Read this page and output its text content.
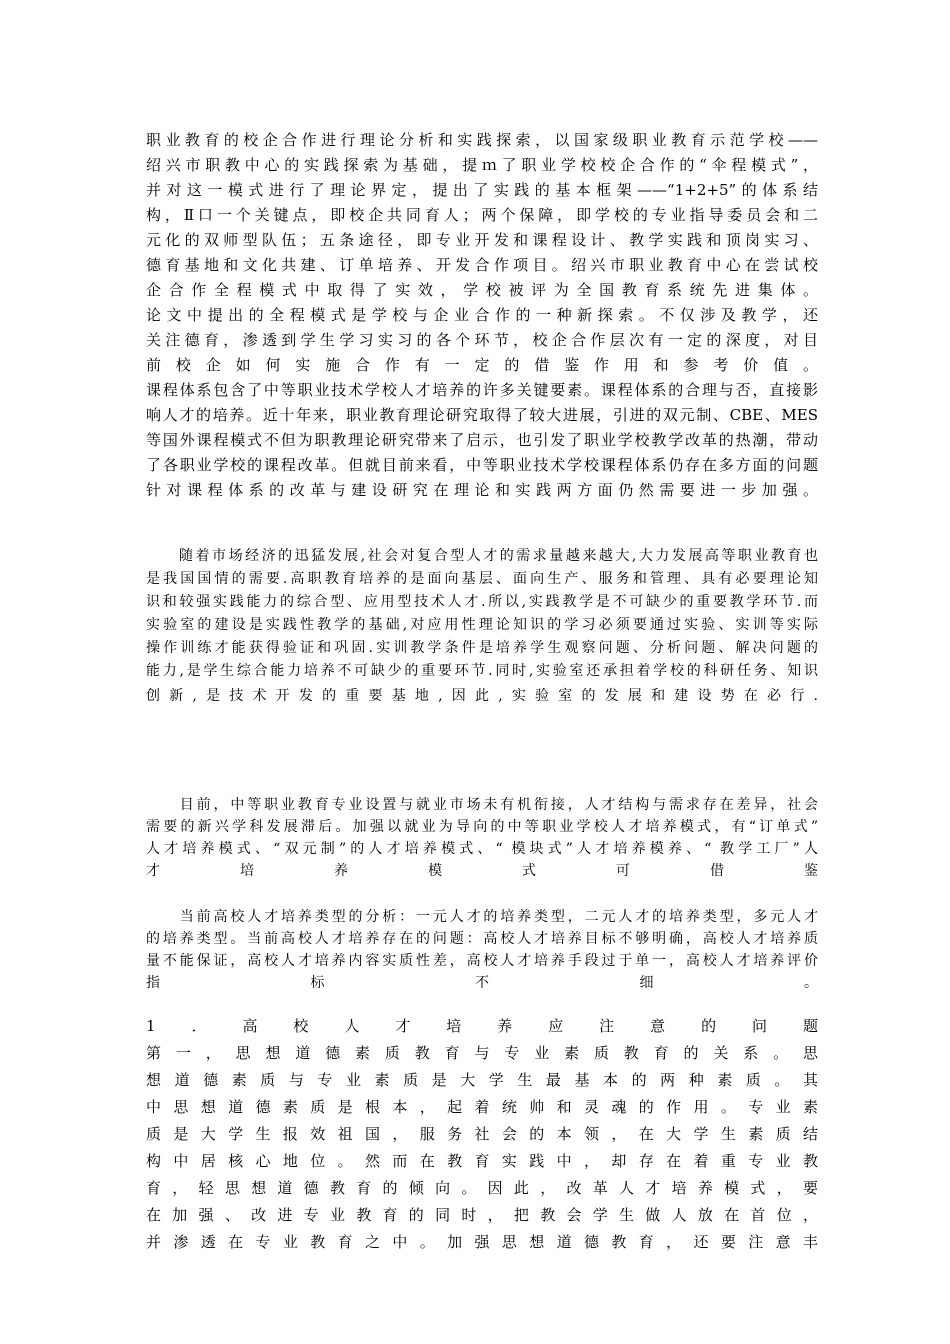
职业教育的校企合作进行理论分析和实践探索，以国家级职业教育示范学校——
绍兴市职教中心的实践探索为基础，提ｍ了职业学校校企合作的“伞程模式”，
并对这一模式进行了理论界定，提出了实践的基本框架——“1+2+5”的体系结
构，Ⅱ口一个关键点，即校企共同育人；两个保障，即学校的专业指导委员会和二
元化的双师型队伍；五条途径，即专业开发和课程设计、教学实践和顶岗实习、
德育基地和文化共建、订单培养、开发合作项目。绍兴市职业教育中心在尝试校
企合作全程模式中取得了实效，学校被评为全国教育系统先进集体。
论文中提出的全程模式是学校与企业合作的一种新探索。不仅涉及教学，还
关注德育，渗透到学生学习实习的各个环节，校企合作层次有一定的深度，对目
前校企如何实施合作有一定的借鉴作用和参考价值。
课程体系包含了中等职业技术学校人才培养的许多关键要素。课程体系的合理与否，直接影
响人才的培养。近十年来，职业教育理论研究取得了较大进展，引进的双元制、CBE、MES
等国外课程模式不但为职教理论研究带来了启示，也引发了职业学校教学改革的热潮，带动
了各职业学校的课程改革。但就目前来看，中等职业技术学校课程体系仍存在多方面的问题
针对课程体系的改革与建设研究在理论和实践两方面仍然需要进一步加强。
　　随着市场经济的迅猛发展,社会对复合型人才的需求量越来越大,大力发展高等职业教育也
是我国国情的需要.高职教育培养的是面向基层、面向生产、服务和管理、具有必要理论知
识和较强实践能力的综合型、应用型技术人才.所以,实践教学是不可缺少的重要教学环节.而
实验室的建设是实践性教学的基础,对应用性理论知识的学习必须要通过实验、实训等实际
操作训练才能获得验证和巩固.实训教学条件是培养学生观察问题、分析问题、解决问题的
能力,是学生综合能力培养不可缺少的重要环节.同时,实验室还承担着学校的科研任务、知识
创新,是技术开发的重要基地,因此,实验室的发展和建设势在必行.
　　目前，中等职业教育专业设置与就业市场未有机衔接，人才结构与需求存在差异，社会
需要的新兴学科发展滞后。加强以就业为导向的中等职业学校人才培养模式，有“订单式”
人才培养模式、“双元制”的人才培养模式、“ 模块式”人才培养模养、“ 教学工厂”人
才培养模式可借鉴
　　当前高校人才培养类型的分析：一元人才的培养类型，二元人才的培养类型，多元人才
的培养类型。当前高校人才培养存在的问题：高校人才培养目标不够明确，高校人才培养质
量不能保证，高校人才培养内容实质性差，高校人才培养手段过于单一，高校人才培养评价
指标不细。
1．高校人才培养应注意的问题
第一，思想道德素质教育与专业素质教育的关系。思
想道德素质与专业素质是大学生最基本的两种素质。其
中思想道德素质是根本，起着统帅和灵魂的作用。专业素
质是大学生报效祖国，服务社会的本领，在大学生素质结
构中居核心地位。然而在教育实践中，却存在着重专业教
育，轻思想道德教育的倾向。因此，改革人才培养模式，要
在加强、改进专业教育的同时，把教会学生做人放在首位，
并渗透在专业教育之中。加强思想道德教育，还要注意丰
